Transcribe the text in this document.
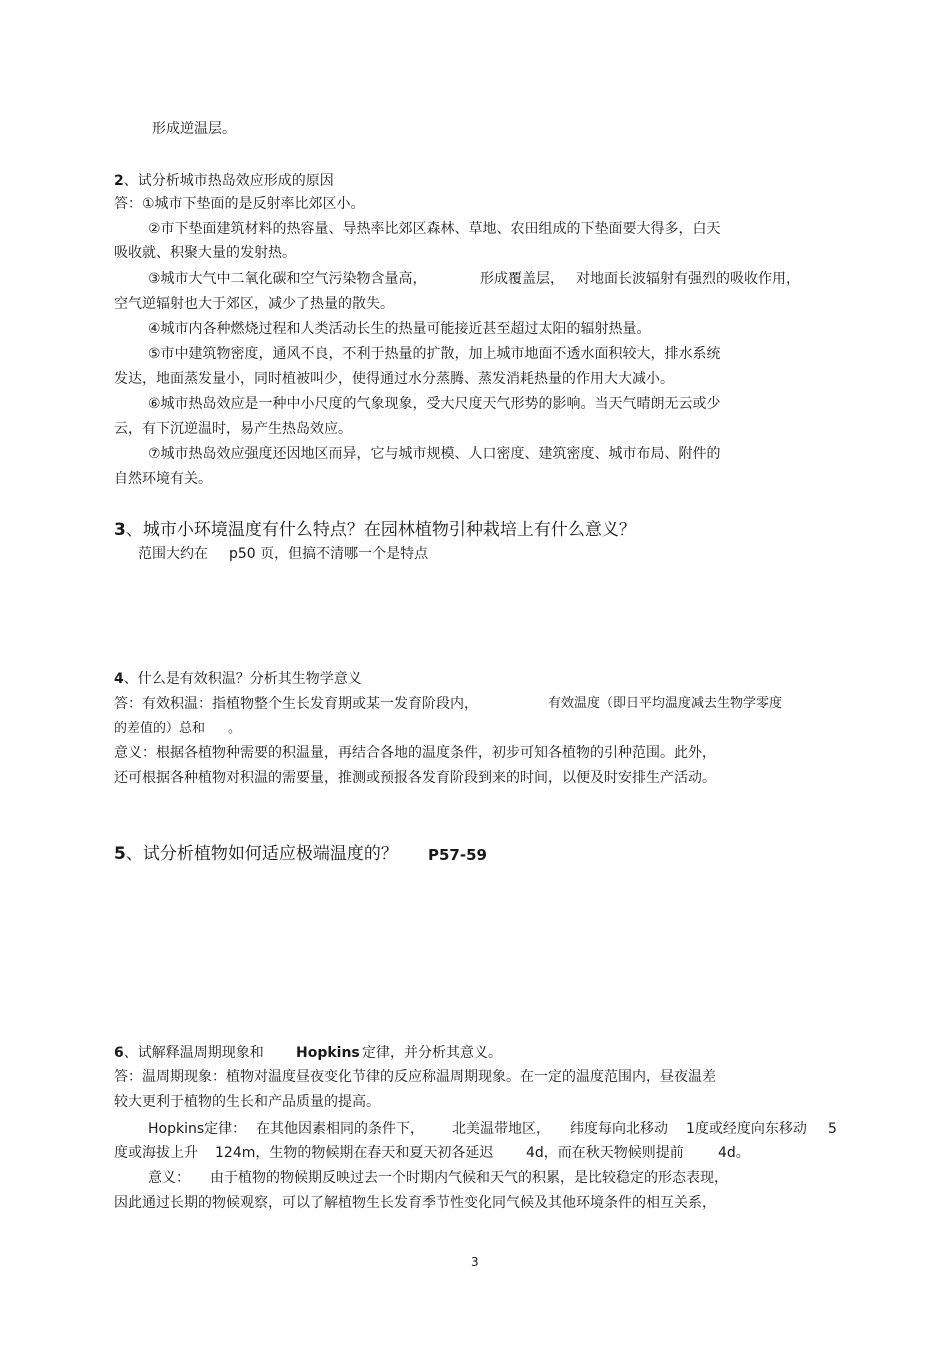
形成逆温层。
2、试分析城市热岛效应形成的原因
答：①城市下垫面的是反射率比郊区小。
②市下垫面建筑材料的热容量、导热率比郊区森林、草地、农田组成的下垫面要大得多，白天
吸收就、积聚大量的发射热。
③城市大气中二氧化碳和空气污染物含量高，	形成覆盖层， 对地面长波辐射有强烈的吸收作用，
空气逆辐射也大于郊区，减少了热量的散失。
④城市内各种燃烧过程和人类活动长生的热量可能接近甚至超过太阳的辐射热量。
⑤市中建筑物密度，通风不良，不利于热量的扩散，加上城市地面不透水面积较大，排水系统
发达，地面蒸发量小，同时植被叫少，使得通过水分蒸腾、蒸发消耗热量的作用大大减小。
⑥城市热岛效应是一种中小尺度的气象现象，受大尺度天气形势的影响。当天气晴朗无云或少
云，有下沉逆温时，易产生热岛效应。
⑦城市热岛效应强度还因地区而异，它与城市规模、人口密度、建筑密度、城市布局、附件的
自然环境有关。
3、城市小环境温度有什么特点？在园林植物引种栽培上有什么意义？
范围大约在 p50 页，但搞不清哪一个是特点
4、什么是有效积温？分析其生物学意义
答：有效积温：指植物整个生长发育期或某一发育阶段内，	有效温度（即日平均温度减去生物学零度
的差值的）总和 。
意义：根据各植物种需要的积温量，再结合各地的温度条件，初步可知各植物的引种范围。此外，
还可根据各种植物对积温的需要量，推测或预报各发育阶段到来的时间，以便及时安排生产活动。
5、试分析植物如何适应极端温度的？ P57-59
6、试解释温周期现象和 Hopkins 定律，并分析其意义。
答：温周期现象：植物对温度昼夜变化节律的反应称温周期现象。在一定的温度范围内，昼夜温差
较大更利于植物的生长和产品质量的提高。
Hopkins定律： 在其他因素相同的条件下， 北美温带地区， 纬度每向北移动 1度或经度向东移动 5
度或海拔上升 124m，生物的物候期在春天和夏天初各延迟 4d，而在秋天物候则提前 4d。
意义： 由于植物的物候期反映过去一个时期内气候和天气的积累，是比较稳定的形态表现，
因此通过长期的物候观察，可以了解植物生长发育季节性变化同气候及其他环境条件的相互关系，
3
